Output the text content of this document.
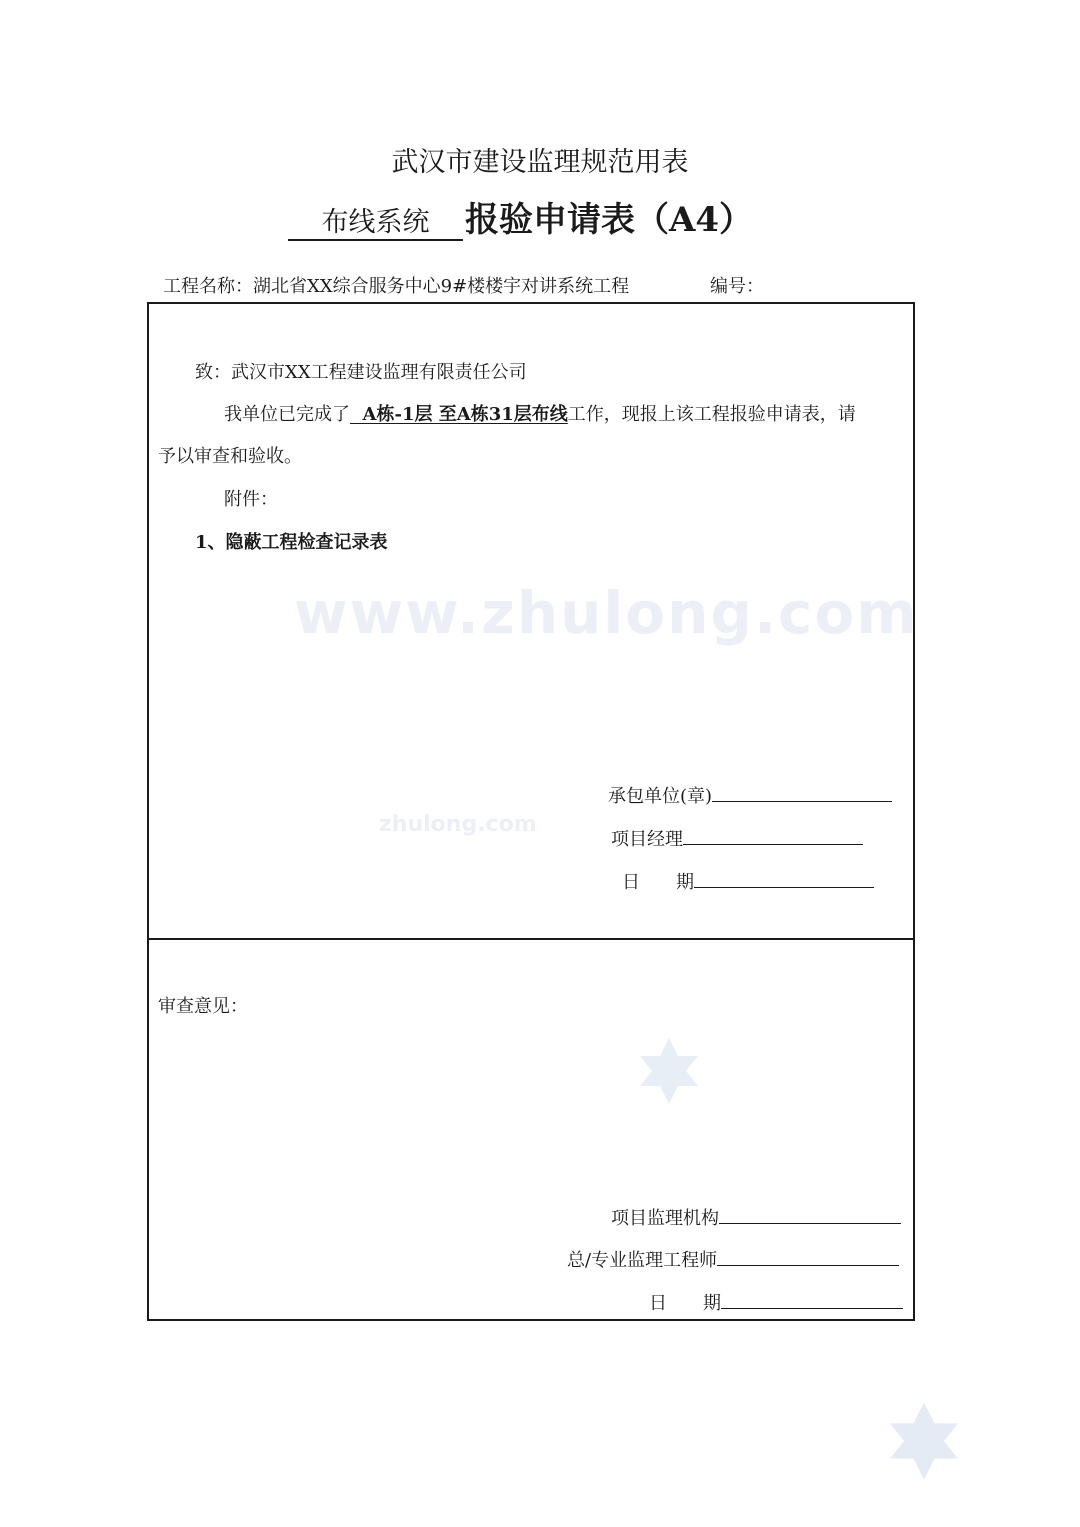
武汉市建设监理规范用表
布线系统 报验申请表（A4）
工程名称：湖北省XX综合服务中心9#楼楼宇对讲系统工程	编号：
致：武汉市XX工程建设监理有限责任公司
我单位已完成了  A栋-1层 至A栋31层布线工作，现报上该工程报验申请表，请
予以审查和验收。
附件：
1、隐蔽工程检查记录表
www.zhulong.com
zhulong.com
承包单位(章)
项目经理
日　　期
审查意见：
项目监理机构
总/专业监理工程师
日　　期
